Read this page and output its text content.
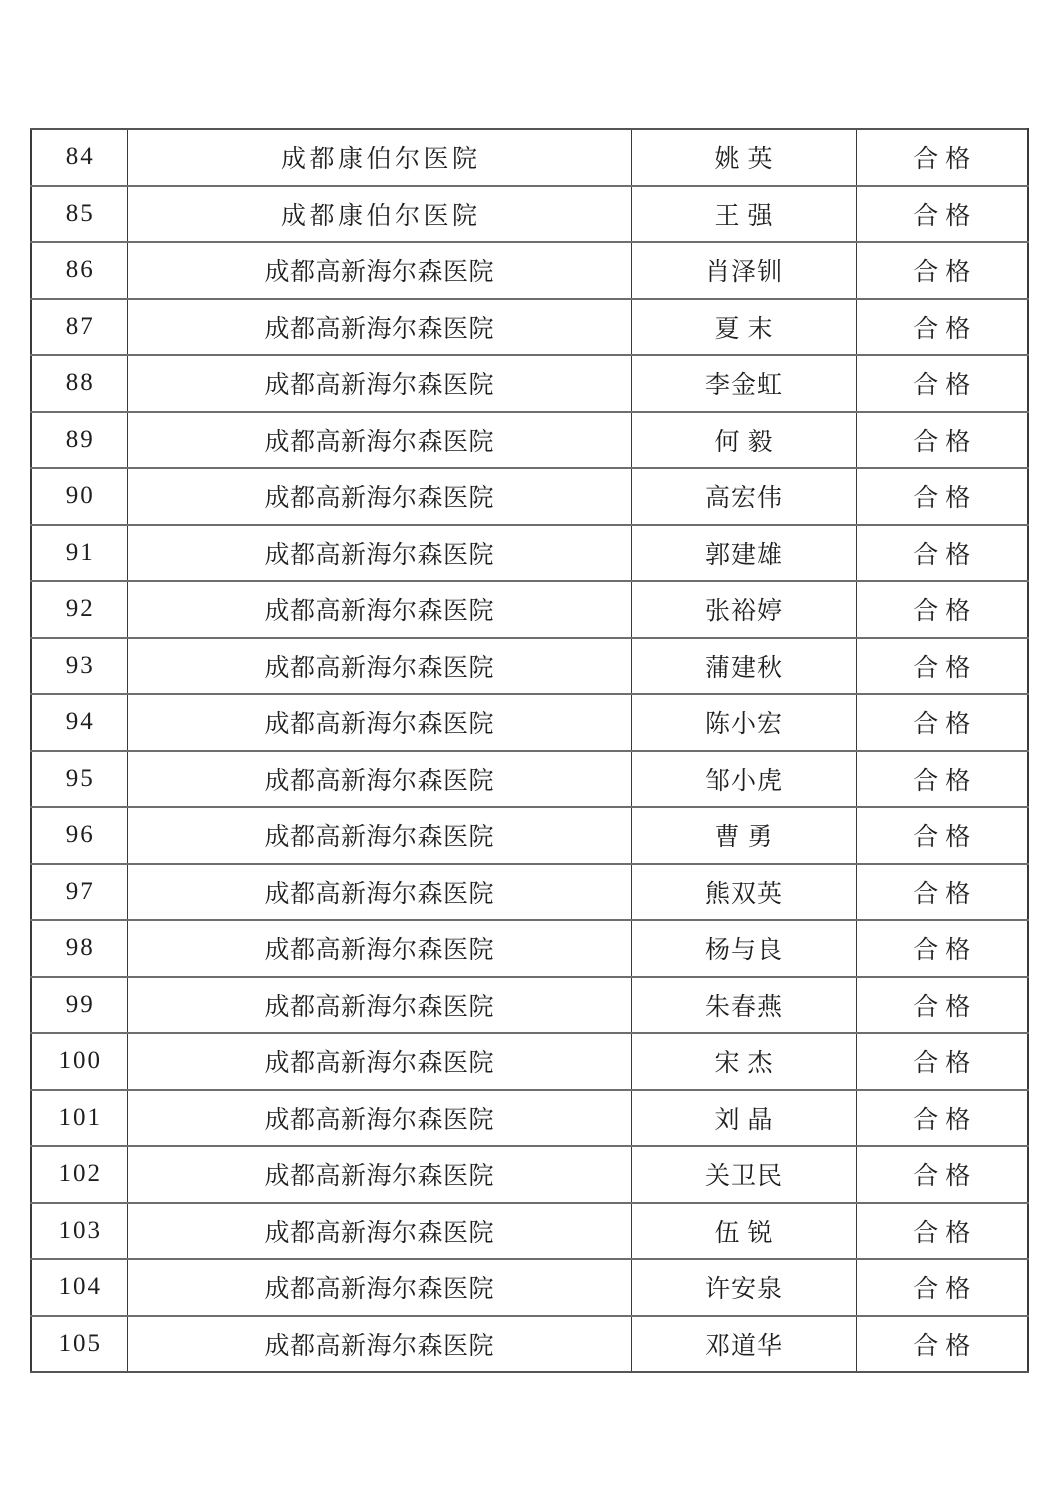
84	成都康伯尔医院	姚英	合格
85	成都康伯尔医院	王强	合格
86	成都高新海尔森医院	肖泽钏	合格
87	成都高新海尔森医院	夏末	合格
88	成都高新海尔森医院	李金虹	合格
89	成都高新海尔森医院	何毅	合格
90	成都高新海尔森医院	高宏伟	合格
91	成都高新海尔森医院	郭建雄	合格
92	成都高新海尔森医院	张裕婷	合格
93	成都高新海尔森医院	蒲建秋	合格
94	成都高新海尔森医院	陈小宏	合格
95	成都高新海尔森医院	邹小虎	合格
96	成都高新海尔森医院	曹勇	合格
97	成都高新海尔森医院	熊双英	合格
98	成都高新海尔森医院	杨与良	合格
99	成都高新海尔森医院	朱春燕	合格
100	成都高新海尔森医院	宋杰	合格
101	成都高新海尔森医院	刘晶	合格
102	成都高新海尔森医院	关卫民	合格
103	成都高新海尔森医院	伍锐	合格
104	成都高新海尔森医院	许安泉	合格
105	成都高新海尔森医院	邓道华	合格
